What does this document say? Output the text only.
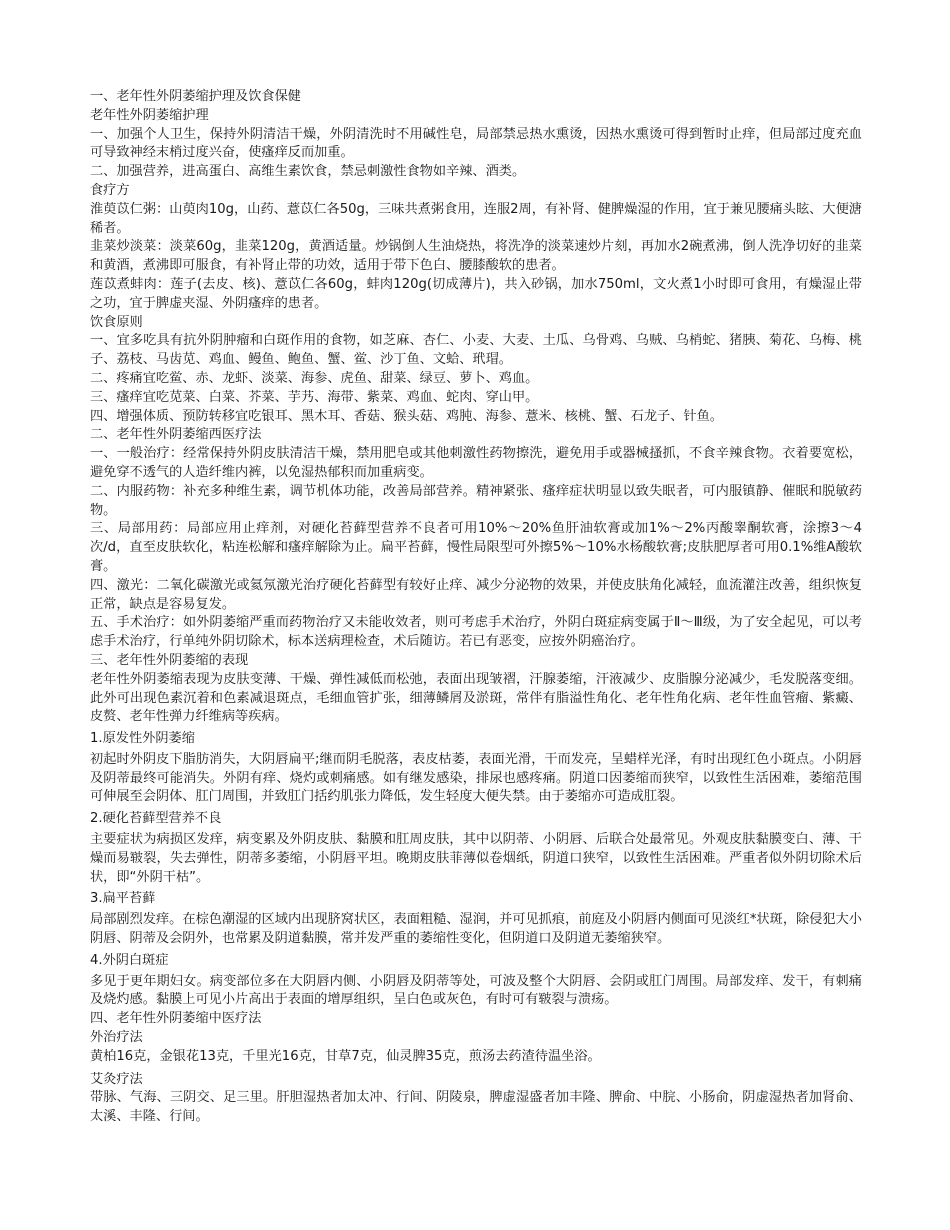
一、老年性外阴萎缩护理及饮食保健

老年性外阴萎缩护理

一、加强个人卫生，保持外阴清洁干燥，外阴清洗时不用碱性皂，局部禁忌热水熏烫，因热水熏烫可得到暂时止痒，但局部过度充血可导致神经末梢过度兴奋，使瘙痒反而加重。

二、加强营养，进高蛋白、高维生素饮食，禁忌刺激性食物如辛辣、酒类。

食疗方

淮萸苡仁粥：山萸肉10g，山药、薏苡仁各50g，三味共煮粥食用，连服2周，有补肾、健脾燥湿的作用，宜于兼见腰痛头眩、大便溏稀者。

韭菜炒淡菜：淡菜60g，韭菜120g，黄酒适量。炒锅倒人生油烧热，将洗净的淡菜速炒片刻，再加水2碗煮沸，倒人洗净切好的韭菜和黄酒，煮沸即可服食，有补肾止带的功效，适用于带下色白、腰膝酸软的患者。

莲苡煮蚌肉：莲子(去皮、核)、薏苡仁各60g，蚌肉120g(切成薄片)，共入砂锅，加水750ml，文火煮1小时即可食用，有燥湿止带之功，宜于脾虚夹湿、外阴瘙痒的患者。

饮食原则

一、宜多吃具有抗外阴肿瘤和白斑作用的食物，如芝麻、杏仁、小麦、大麦、土瓜、乌骨鸡、乌贼、乌梢蛇、猪胰、菊花、乌梅、桃子、荔枝、马齿苋、鸡血、鳗鱼、鲍鱼、蟹、鲎、沙丁鱼、文蛤、玳瑁。

二、疼痛宜吃鲎、赤、龙虾、淡菜、海参、虎鱼、甜菜、绿豆、萝卜、鸡血。

三、瘙痒宜吃苋菜、白菜、芥菜、芋艿、海带、紫菜、鸡血、蛇肉、穿山甲。

四、增强体质、预防转移宜吃银耳、黑木耳、香菇、猴头菇、鸡肫、海参、薏米、核桃、蟹、石龙子、针鱼。

二、老年性外阴萎缩西医疗法

一、一般治疗：经常保持外阴皮肤清洁干燥，禁用肥皂或其他刺激性药物擦洗，避免用手或器械搔抓，不食辛辣食物。衣着要宽松，避免穿不透气的人造纤维内裤，以免湿热郁积而加重病变。

二、内服药物：补充多种维生素，调节机体功能，改善局部营养。精神紧张、瘙痒症状明显以致失眠者，可内服镇静、催眠和脱敏药物。

三、局部用药：局部应用止痒剂，对硬化苔藓型营养不良者可用10%～20%鱼肝油软膏或加1%～2%丙酸睾酮软膏，涂擦3～4次/d，直至皮肤软化，粘连松解和瘙痒解除为止。扁平苔藓，慢性局限型可外擦5%～10%水杨酸软膏;皮肤肥厚者可用0.1%维A酸软膏。

四、激光：二氧化碳激光或氦氖激光治疗硬化苔藓型有较好止痒、减少分泌物的效果，并使皮肤角化减轻，血流灌注改善，组织恢复正常，缺点是容易复发。

五、手术治疗：如外阴萎缩严重而药物治疗又未能收效者，则可考虑手术治疗，外阴白斑症病变属于Ⅱ～Ⅲ级，为了安全起见，可以考虑手术治疗，行单纯外阴切除术，标本送病理检查，术后随访。若已有恶变，应按外阴癌治疗。

三、老年性外阴萎缩的表现

老年性外阴萎缩表现为皮肤变薄、干燥、弹性减低而松弛，表面出现皱褶，汗腺萎缩，汗液减少、皮脂腺分泌减少，毛发脱落变细。此外可出现色素沉着和色素减退斑点，毛细血管扩张，细薄鳞屑及淤斑，常伴有脂溢性角化、老年性角化病、老年性血管瘤、紫癜、皮赘、老年性弹力纤维病等疾病。

1.原发性外阴萎缩

初起时外阴皮下脂肪消失，大阴唇扁平;继而阴毛脱落，表皮枯萎，表面光滑，干而发亮，呈蜡样光泽，有时出现红色小斑点。小阴唇及阴蒂最终可能消失。外阴有痒、烧灼或刺痛感。如有继发感染，排尿也感疼痛。阴道口因萎缩而狭窄，以致性生活困难，萎缩范围可伸展至会阴体、肛门周围，并致肛门括约肌张力降低，发生轻度大便失禁。由于萎缩亦可造成肛裂。

2.硬化苔藓型营养不良

主要症状为病损区发痒，病变累及外阴皮肤、黏膜和肛周皮肤，其中以阴蒂、小阴唇、后联合处最常见。外观皮肤黏膜变白、薄、干燥而易皲裂，失去弹性，阴蒂多萎缩，小阴唇平坦。晚期皮肤菲薄似卷烟纸，阴道口狭窄，以致性生活困难。严重者似外阴切除术后状，即“外阴干枯”。

3.扁平苔藓

局部剧烈发痒。在棕色潮湿的区域内出现脐窝状区，表面粗糙、湿润，并可见抓痕，前庭及小阴唇内侧面可见淡红*状斑，除侵犯大小阴唇、阴蒂及会阴外，也常累及阴道黏膜，常并发严重的萎缩性变化，但阴道口及阴道无萎缩狭窄。

4.外阴白斑症

多见于更年期妇女。病变部位多在大阴唇内侧、小阴唇及阴蒂等处，可波及整个大阴唇、会阴或肛门周围。局部发痒、发干，有刺痛及烧灼感。黏膜上可见小片高出于表面的增厚组织，呈白色或灰色，有时可有皲裂与溃疡。

四、老年性外阴萎缩中医疗法

外治疗法

黄柏16克，金银花13克，千里光16克，甘草7克，仙灵脾35克，煎汤去药渣待温坐浴。

艾灸疗法

带脉、气海、三阴交、足三里。肝胆湿热者加太冲、行间、阴陵泉，脾虚湿盛者加丰隆、脾俞、中脘、小肠俞，阴虚湿热者加肾俞、太溪、丰隆、行间。
